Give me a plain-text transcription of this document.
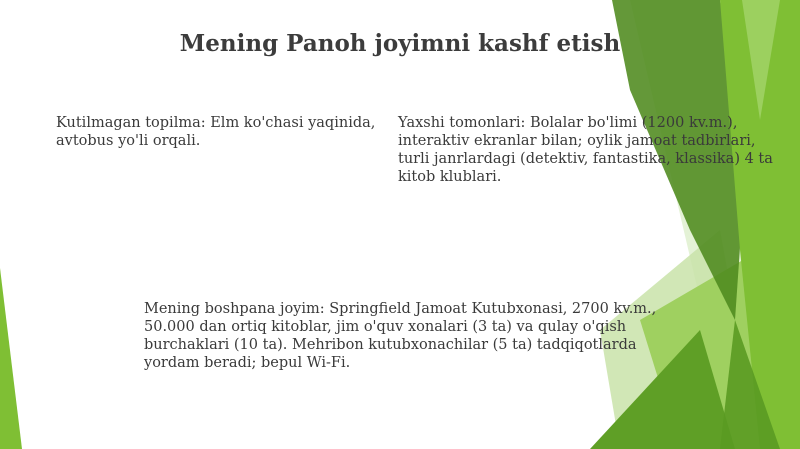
Mening Panoh joyimni kashf etish
Kutilmagan topilma: Elm ko'chasi yaqinida, avtobus yo'li orqali.
Yaxshi tomonlari: Bolalar bo'limi (1200 kv.m.), interaktiv ekranlar bilan; oylik jamoat tadbirlari, turli janrlardagi (detektiv, fantastika, klassika) 4 ta kitob klublari.
Mening boshpana joyim: Springfield Jamoat Kutubxonasi, 2700 kv.m., 50.000 dan ortiq kitoblar, jim o'quv xonalari (3 ta) va qulay o'qish burchaklari (10 ta). Mehribon kutubxonachilar (5 ta) tadqiqotlarda yordam beradi; bepul Wi-Fi.
